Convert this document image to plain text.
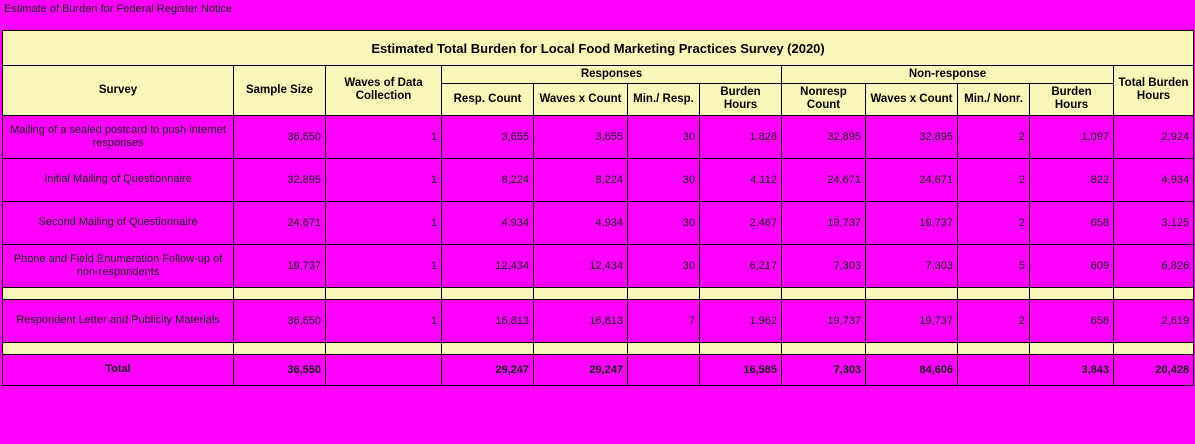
Estimate of Burden for Federal Register Notice
Estimated Total Burden for Local Food Marketing Practices Survey (2020)											
Survey	Sample Size	Waves of Data Collection	Responses				Non-response				Total Burden Hours
			Resp. Count	Waves x Count	Min./ Resp.	Burden Hours	Nonresp Count	Waves x Count	Min./ Nonr.	Burden Hours	
Mailing of a sealed postcard to push internet responses	36,550	1	3,655	3,655	30	1,828	32,895	32,895	2	1,097	2,924
Initial Mailing of Questionnaire	32,895	1	8,224	8,224	30	4,112	24,671	24,671	2	822	4,934
Second Mailing of Questionnaire	24,671	1	4,934	4,934	30	2,467	19,737	19,737	2	658	3,125
Phone and Field Enumeration Follow-up of non-respondents	19,737	1	12,434	12,434	30	6,217	7,303	7,303	5	609	6,826

Respondent Letter and Publicity Materials	36,550	1	16,813	16,813	7	1,962	19,737	19,737	2	658	2,619

Total	36,550		29,247	29,247		16,585	7,303	84,606		3,843	20,428
